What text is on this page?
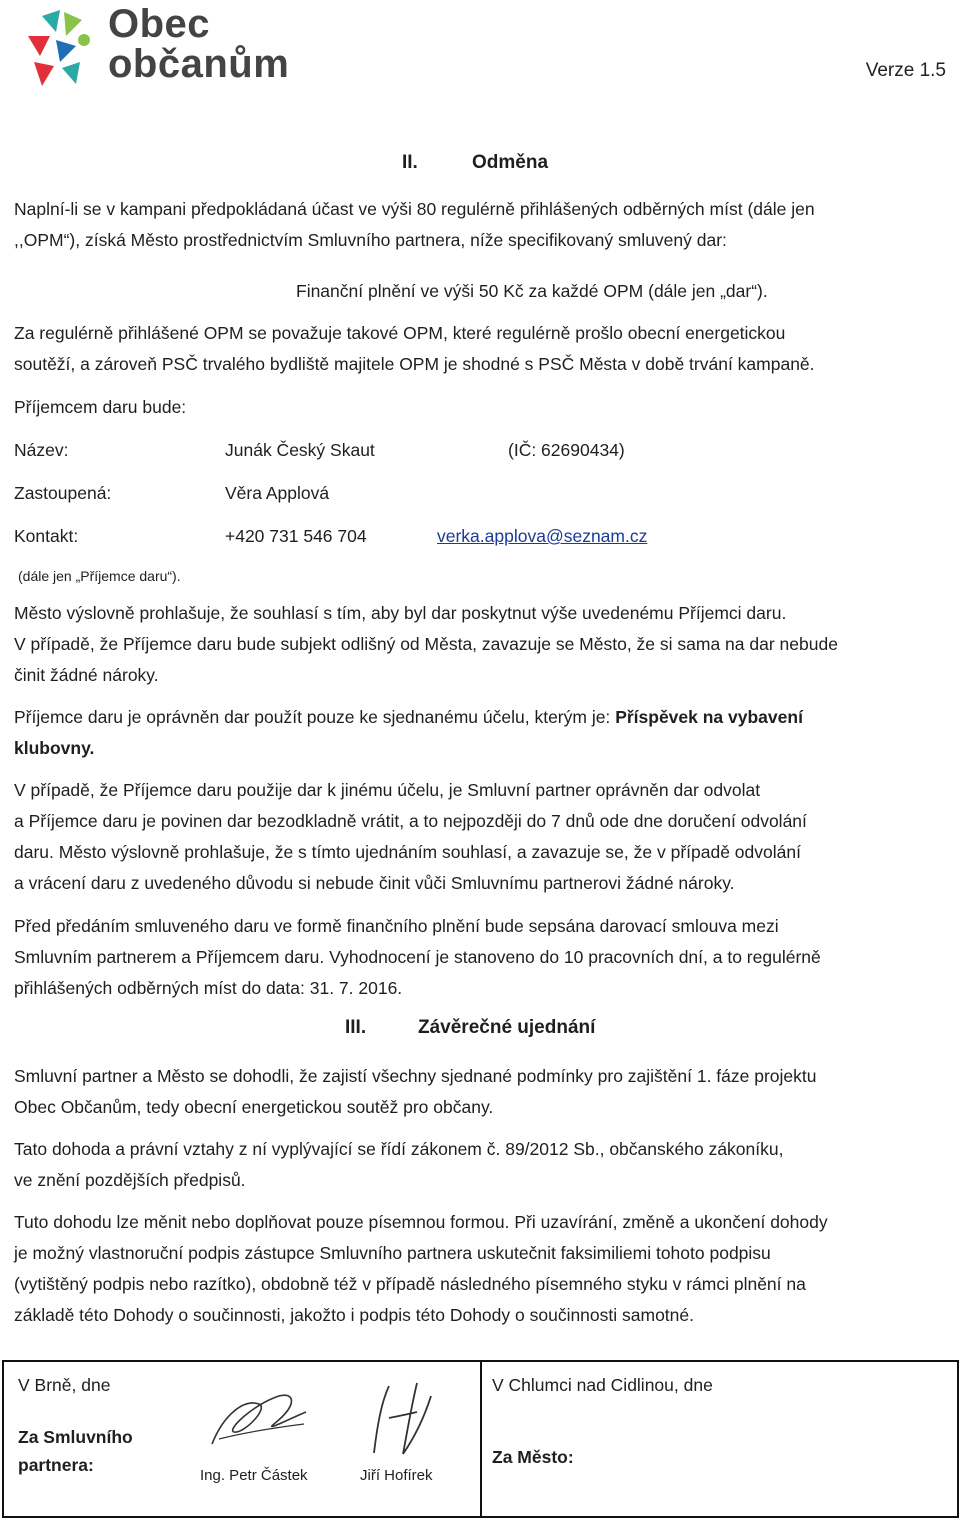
Obec
občanům	Verze 1.5
II.	Odměna
Naplní-li se v kampani předpokládaná účast ve výši 80 regulérně přihlášených odběrných míst (dále jen
,,OPM“), získá Město prostřednictvím Smluvního partnera, níže specifikovaný smluvený dar:
Finanční plnění ve výši 50 Kč za každé OPM (dále jen „dar“).
Za regulérně přihlášené OPM se považuje takové OPM, které regulérně prošlo obecní energetickou
soutěží, a zároveň PSČ trvalého bydliště majitele OPM je shodné s PSČ Města v době trvání kampaně.
Příjemcem daru bude:
Název:	Junák Český Skaut	(IČ: 62690434)
Zastoupená:	Věra Applová
Kontakt:	+420 731 546 704	verka.applova@seznam.cz
(dále jen „Příjemce daru“).
Město výslovně prohlašuje, že souhlasí s tím, aby byl dar poskytnut výše uvedenému Příjemci daru.
V případě, že Příjemce daru bude subjekt odlišný od Města, zavazuje se Město, že si sama na dar nebude
činit žádné nároky.
Příjemce daru je oprávněn dar použít pouze ke sjednanému účelu, kterým je: Příspěvek na vybavení
klubovny.
V případě, že Příjemce daru použije dar k jinému účelu, je Smluvní partner oprávněn dar odvolat
a Příjemce daru je povinen dar bezodkladně vrátit, a to nejpozději do 7 dnů ode dne doručení odvolání
daru. Město výslovně prohlašuje, že s tímto ujednáním souhlasí, a zavazuje se, že v případě odvolání
a vrácení daru z uvedeného důvodu si nebude činit vůči Smluvnímu partnerovi žádné nároky.
Před předáním smluveného daru ve formě finančního plnění bude sepsána darovací smlouva mezi
Smluvním partnerem a Příjemcem daru. Vyhodnocení je stanoveno do 10 pracovních dní, a to regulérně
přihlášených odběrných míst do data: 31. 7. 2016.
III.	Závěrečné ujednání
Smluvní partner a Město se dohodli, že zajistí všechny sjednané podmínky pro zajištění 1. fáze projektu
Obec Občanům, tedy obecní energetickou soutěž pro občany.
Tato dohoda a právní vztahy z ní vyplývající se řídí zákonem č. 89/2012 Sb., občanského zákoníku,
ve znění pozdějších předpisů.
Tuto dohodu lze měnit nebo doplňovat pouze písemnou formou. Při uzavírání, změně a ukončení dohody
je možný vlastnoruční podpis zástupce Smluvního partnera uskutečnit faksimiliemi tohoto podpisu
(vytištěný podpis nebo razítko), obdobně též v případě následného písemného styku v rámci plnění na
základě této Dohody o součinnosti, jakožto i podpis této Dohody o součinnosti samotné.
V Brně, dne
Za Smluvního
partnera:
Ing. Petr Částek	Jiří Hofírek
V Chlumci nad Cidlinou, dne
Za Město:
